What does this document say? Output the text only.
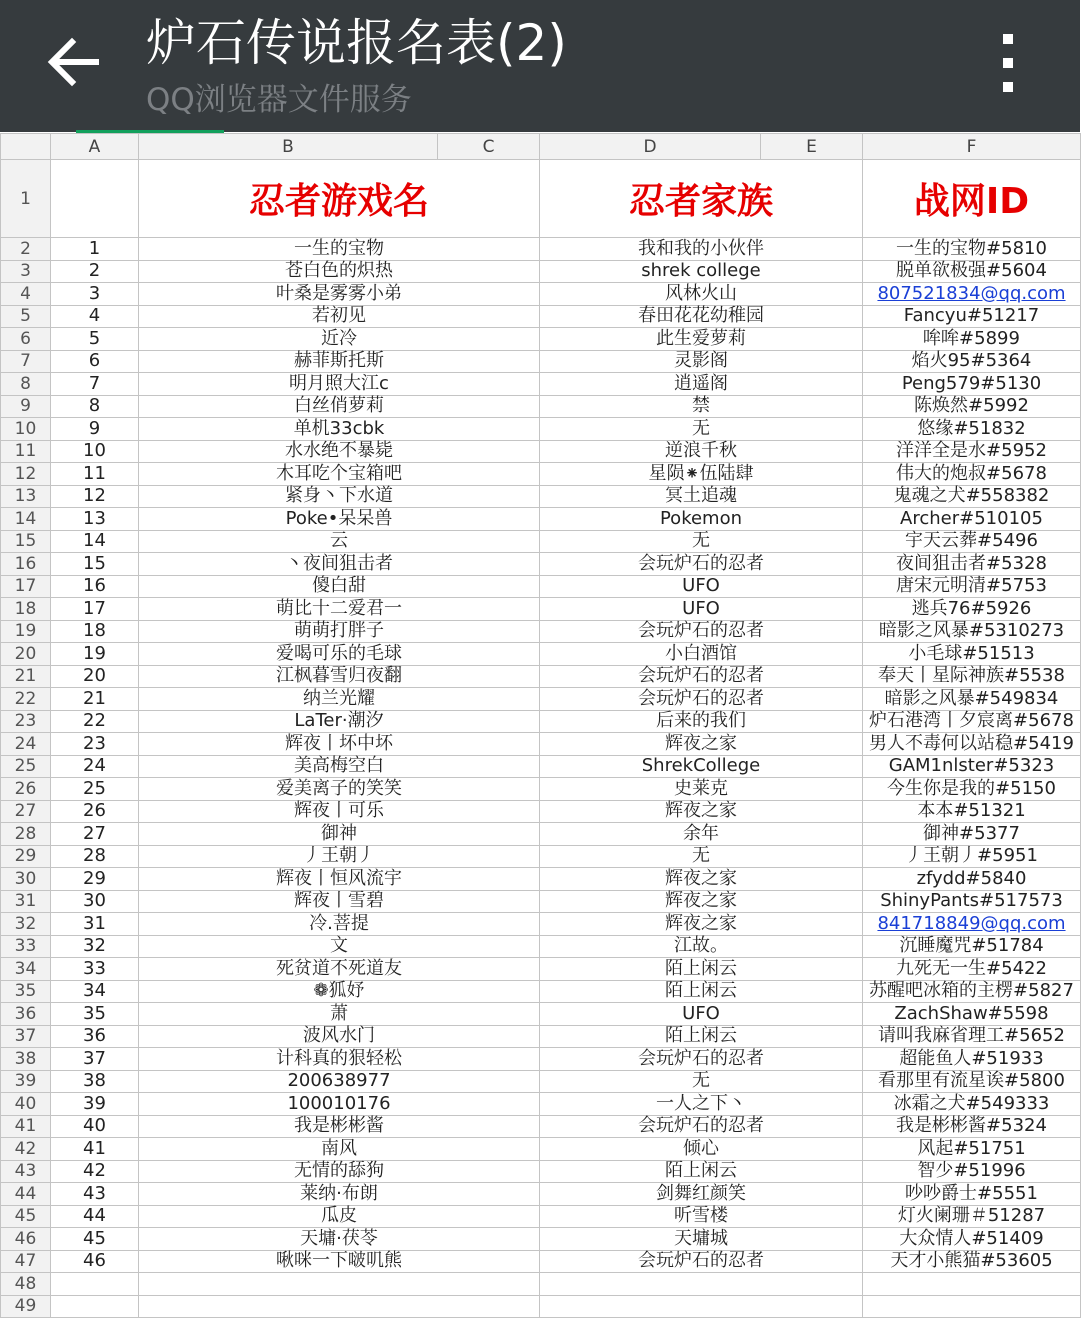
炉石传说报名表(2)
QQ浏览器文件服务
	A	B	C	D	E	F
1		忍者游戏名		忍者家族		战网ID
2	1	一生的宝物		我和我的小伙伴		一生的宝物#5810
3	2	苍白色的炽热		shrek college		脱单欲极强#5604
4	3	叶桑是雾雾小弟		风林火山		807521834@qq.com
5	4	若初见		春田花花幼稚园		Fancyu#51217
6	5	近冷		此生爱萝莉		哞哞#5899
7	6	赫菲斯托斯		灵影阁		焰火95#5364
8	7	明月照大江c		逍遥阁		Peng579#5130
9	8	白丝俏萝莉		禁		陈焕然#5992
10	9	单机33cbk		无		悠缘#51832
11	10	水水绝不暴毙		逆浪千秋		洋洋全是水#5952
12	11	木耳吃个宝箱吧		星陨⁕伍陆肆		伟大的炮叔#5678
13	12	紧身丶下水道		冥土追魂		鬼魂之犬#558382
14	13	Poke•呆呆兽		Pokemon		Archer#510105
15	14	云		无		宇天云葬#5496
16	15	丶夜间狙击者		会玩炉石的忍者		夜间狙击者#5328
17	16	傻白甜		UFO		唐宋元明清#5753
18	17	萌比十二爱君一		UFO		逃兵76#5926
19	18	萌萌打胖子		会玩炉石的忍者		暗影之风暴#5310273
20	19	爱喝可乐的毛球		小白酒馆		小毛球#51513
21	20	江枫暮雪归夜翻		会玩炉石的忍者		奉天丨星际神族#5538
22	21	纳兰光耀		会玩炉石的忍者		暗影之风暴#549834
23	22	LaTer·潮汐		后来的我们		炉石港湾丨夕宸离#5678
24	23	辉夜丨坏中坏		辉夜之家		男人不毒何以站稳#5419
25	24	美高梅空白		ShrekCollege		GAM1nlster#5323
26	25	爱美离子的笑笑		史莱克		今生你是我的#5150
27	26	辉夜丨可乐		辉夜之家		本本#51321
28	27	御神		余年		御神#5377
29	28	丿王朝丿		无		丿王朝丿#5951
30	29	辉夜丨恒风流宇		辉夜之家		zfydd#5840
31	30	辉夜丨雪碧		辉夜之家		ShinyPants#517573
32	31	冷.菩提		辉夜之家		841718849@qq.com
33	32	文		江故。		沉睡魔咒#51784
34	33	死贫道不死道友		陌上闲云		九死无一生#5422
35	34	❁狐妤		陌上闲云		苏醒吧冰箱的主楞#5827
36	35	萧		UFO		ZachShaw#5598
37	36	波风水门		陌上闲云		请叫我麻省理工#5652
38	37	计科真的狠轻松		会玩炉石的忍者		超能鱼人#51933
39	38	200638977		无		看那里有流星诶#5800
40	39	100010176		一人之下丶		冰霜之犬#549333
41	40	我是彬彬酱		会玩炉石的忍者		我是彬彬酱#5324
42	41	南风		倾心		风起#51751
43	42	无情的舔狗		陌上闲云		智少#51996
44	43	莱纳·布朗		剑舞红颜笑		吵吵爵士#5551
45	44	瓜皮		听雪楼		灯火阑珊＃51287
46	45	天墉·茯苓		天墉城		大众情人#51409
47	46	啾咪一下啵叽熊		会玩炉石的忍者		天才小熊猫#53605
48						
49						
